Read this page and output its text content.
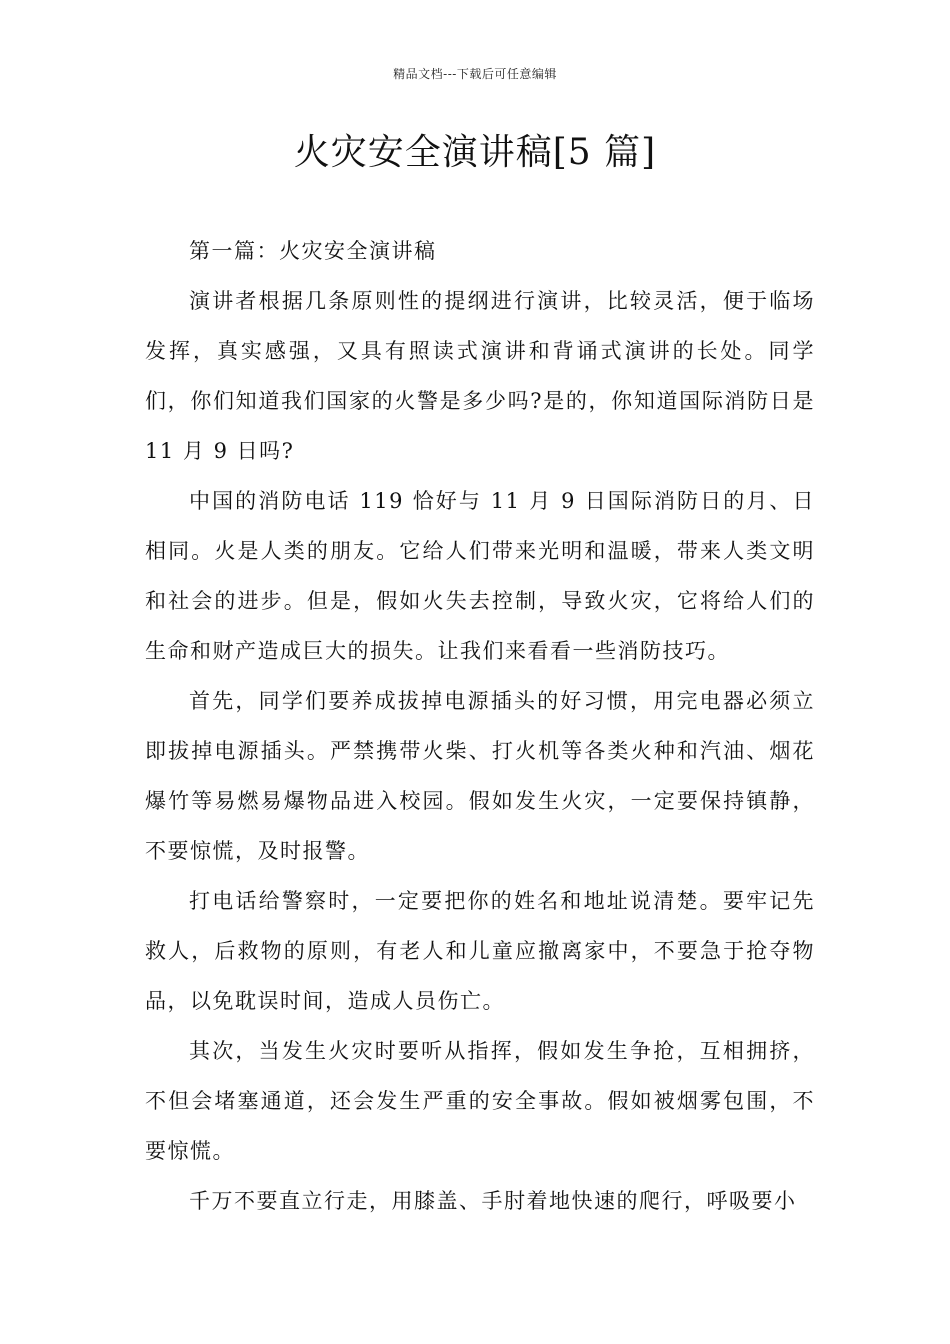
精品文档---下载后可任意编辑
火灾安全演讲稿[5 篇]

第一篇：火灾安全演讲稿

演讲者根据几条原则性的提纲进行演讲，比较灵活，便于临场发挥，真实感强，又具有照读式演讲和背诵式演讲的长处。同学们，你们知道我们国家的火警是多少吗?是的，你知道国际消防日是 11 月 9 日吗?

中国的消防电话 119 恰好与 11 月 9 日国际消防日的月、日相同。火是人类的朋友。它给人们带来光明和温暖，带来人类文明和社会的进步。但是，假如火失去控制，导致火灾，它将给人们的生命和财产造成巨大的损失。让我们来看看一些消防技巧。

首先，同学们要养成拔掉电源插头的好习惯，用完电器必须立即拔掉电源插头。严禁携带火柴、打火机等各类火种和汽油、烟花爆竹等易燃易爆物品进入校园。假如发生火灾，一定要保持镇静，不要惊慌，及时报警。

打电话给警察时，一定要把你的姓名和地址说清楚。要牢记先救人，后救物的原则，有老人和儿童应撤离家中，不要急于抢夺物品，以免耽误时间，造成人员伤亡。

其次，当发生火灾时要听从指挥，假如发生争抢，互相拥挤，不但会堵塞通道，还会发生严重的安全事故。假如被烟雾包围，不要惊慌。

千万不要直立行走，用膝盖、手肘着地快速的爬行，呼吸要小
